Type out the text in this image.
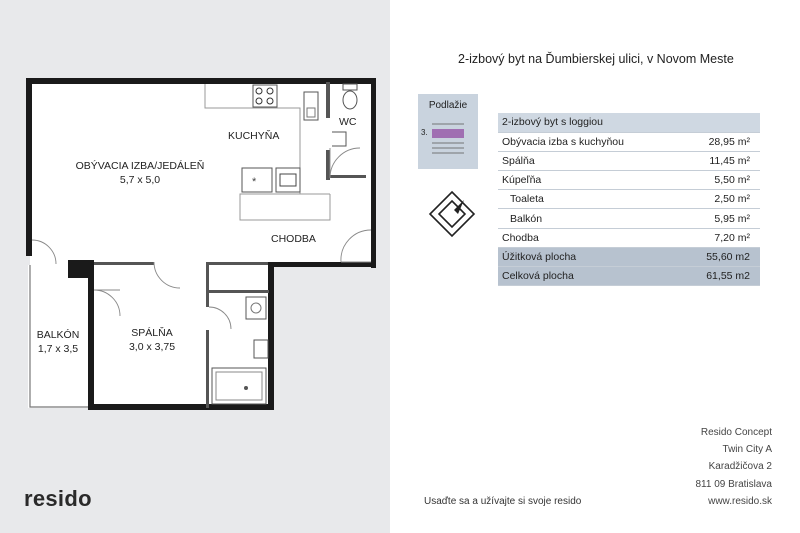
*
KUCHYŇA
WC
OBÝVACIA IZBA/JEDÁLEŇ
5,7 x 5,0
CHODBA
BALKÓN
1,7 x 3,5
SPÁLŇA
3,0 x 3,75
resido
2-izbový byt na Ďumbierskej ulici, v Novom Meste
Podlažie
3.
2-izbový byt s loggiou	
Obývacia izba s kuchyňou	28,95 m²
Spálňa	11,45 m²
Kúpeľňa	5,50 m²
Toaleta	2,50 m²
Balkón	5,95 m²
Chodba	7,20 m²
Úžitková plocha	55,60 m2
Celková plocha	61,55 m2
Resido Concept
Twin City A
Karadžičova 2
811 09 Bratislava
www.resido.sk
Usaďte sa a užívajte si svoje resido
